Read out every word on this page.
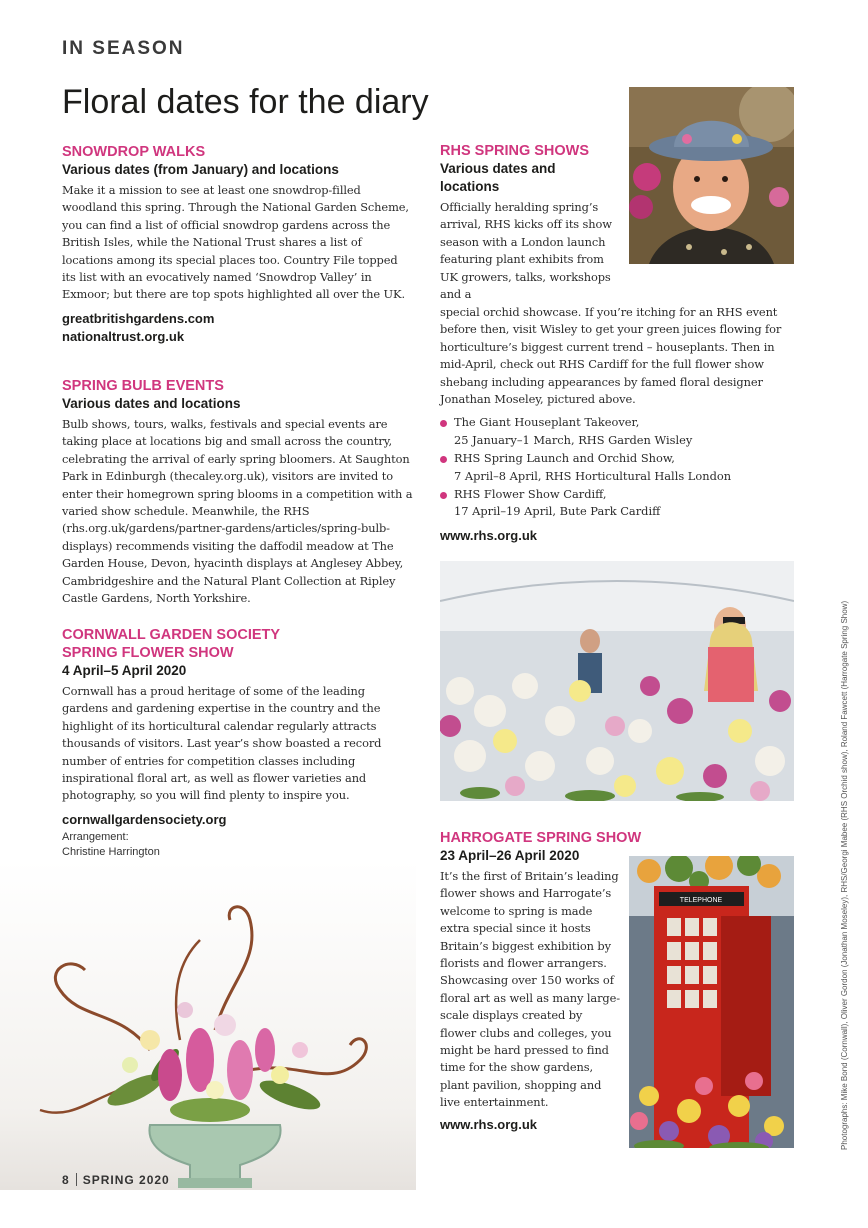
IN SEASON
Floral dates for the diary
SNOWDROP WALKS
Various dates (from January) and locations

Make it a mission to see at least one snowdrop-filled woodland this spring. Through the National Garden Scheme, you can find a list of official snowdrop gardens across the British Isles, while the National Trust shares a list of locations among its special places too. Country File topped its list with an evocatively named ‘Snowdrop Valley’ in Exmoor; but there are top spots highlighted all over the UK.

greatbritishgardens.com
nationaltrust.org.uk
SPRING BULB EVENTS
Various dates and locations

Bulb shows, tours, walks, festivals and special events are taking place at locations big and small across the country, celebrating the arrival of early spring bloomers. At Saughton Park in Edinburgh (thecaley.org.uk), visitors are invited to enter their homegrown spring blooms in a competition with a varied show schedule. Meanwhile, the RHS (rhs.org.uk/gardens/partner-gardens/articles/spring-bulb-displays) recommends visiting the daffodil meadow at The Garden House, Devon, hyacinth displays at Anglesey Abbey, Cambridgeshire and the Natural Plant Collection at Ripley Castle Gardens, North Yorkshire.

CORNWALL GARDEN SOCIETY
SPRING FLOWER SHOW
4 April–5 April 2020

Cornwall has a proud heritage of some of the leading gardens and gardening expertise in the country and the highlight of its horticultural calendar regularly attracts thousands of visitors. Last year’s show boasted a record number of entries for competition classes including inspirational floral art, as well as flower varieties and photography, so you will find plenty to inspire you.

cornwallgardensociety.org
Arrangement:
Christine Harrington
RHS SPRING SHOWS
Various dates and
locations

Officially heralding spring’s arrival, RHS kicks off its show season with a London launch featuring plant exhibits from UK growers, talks, workshops and a

special orchid showcase. If you’re itching for an RHS event before then, visit Wisley to get your green juices flowing for horticulture’s biggest current trend – houseplants. Then in mid-April, check out RHS Cardiff for the full flower show shebang including appearances by famed floral designer Jonathan Moseley, pictured above.

The Giant Houseplant Takeover,
25 January–1 March, RHS Garden Wisley
RHS Spring Launch and Orchid Show,
7 April–8 April, RHS Horticultural Halls London
RHS Flower Show Cardiff,
17 April–19 April, Bute Park Cardiff
www.rhs.org.uk
HARROGATE SPRING SHOW
23 April–26 April 2020

It’s the first of Britain’s leading flower shows and Harrogate’s welcome to spring is made extra special since it hosts Britain’s biggest exhibition by florists and flower arrangers. Showcasing over 150 works of floral art as well as many large-scale displays created by flower clubs and colleges, you might be hard pressed to find time for the show gardens, plant pavilion, shopping and live entertainment.

www.rhs.org.uk
TELEPHONE	Photographs: Mike Bond (Cornwall), Oliver Gordon (Jonathan Moseley), RHS/Georgi Mabee (RHS Orchid show), Roland Fawcett (Harrogate Spring Show)
8 SPRING 2020
